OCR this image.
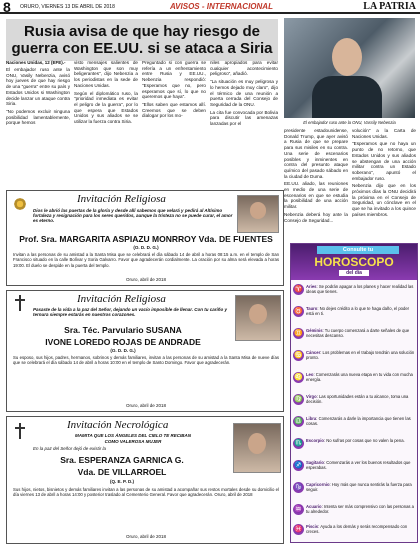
8 ORURO, VIERNES 13 DE ABRIL DE 2018	AVISOS - INTERNACIONAL	LA PATRIA
Rusia avisa de que hay riesgo de guerra con EE.UU. si se ataca a Siria
Naciones Unidas, 12 (EFE).-

El embajador ruso ante la ONU, Vasily Nebenzia, avisó hoy jueves de que hay riesgo de una "guerra" entre su país y Estados Unidos si Washington decide lanzar un ataque contra Siria.

"No podemos excluir ninguna posibilidad lamentablemente, porque hemos

visto mensajes salientes de Washington que son muy beligerantes", dijo Nebenzia a los periodistas en la sede de Naciones Unidas.

Según el diplomático ruso, la "prioridad inmediata es evitar el peligro de la guerra", por lo que espera que Estados Unidos y sus aliados se se utilizar la fuerza contra Siria.

Preguntado si con guerra se refería a un enfrentamiento entre Rusia y EE.UU., Nebenzia respondió: "Esperamos que no, pero esperamos que sí, lo que no queremos que haya".

"Ellos saben que estamos allí. Creemos que se deben dialogar por los mo-

niles apropiados para evitar cualquier acontecimiento peligroso", añadió.

"La situación es muy peligrosa y lo hemos dejado muy claro", dijo el térmico de una reunión a puerta cerrada del Consejo de Seguridad de la ONU.

La cita fue convocada por Bolivia para discutir las amenazas lanzadas por el	El embajador ruso ante la ONU, Vassily Nebenzia

presidente estadounidense, Donald Trump, que ayer avisó a Rusia de que se prepare para sus misiles en su contra. Una serie de escenarios posibles y inminentes en contra del presunto ataque químico del pasado sábado en la ciudad de Duma.

EE.UU. aliado, las reuniones en medio de una serie de escenarios en que se estudia la posibilidad de una acción militar.

Nebenzia deberá hoy ante la Consejo de Seguridad...

volución" a la Carta de Naciones Unidas.

"Esperamos que no haya un punto de no retorno, que Estados Unidos y sus aliados se abstengan de una acción militar contra un Estado soberano", apuntó el embajador ruso.

Nebenzia dijo que en los próximos días la ONU decidirá la próxima en el Consejo de Seguridad, un cónclave en el que se ha invitado a los quince países miembros.

Invitación Religiosa
Dios le abrió las puertas de la gloria y desde allí sabemos que velará y pedirá al Altísimo fortaleza y resignación para los seres queridos, aunque la tristeza no se puede curar, el amor es eterno.
Prof. Sra. MARGARITA ASPIAZU MONRROY Vda. DE FUENTES
(O. D. D. G.)
Invitan a las personas de su amistad a la Santa Misa que se celebrará el día sábado 14 de abril a horas 08:15 a.m. en el templo de San Francisco situado en la calle Bolívar y Soria Galvarro. Favor que agradecerán cordialmente. La oración por su alma será elevada a horas 19:00. El duelo se despide en la puerta del templo.
Oruro, abril de 2018
Invitación Religiosa
Pasaste de la vida a la paz del Señor, dejando un vacío imposible de llenar. Con tu cariño y ternura siempre estarás en nuestros corazones.
Sra. Téc. Parvulario SUSANA
IVONE LOREDO ROJAS DE ANDRADE
(O. D. D. G.)
Su esposo, sus hijos, padres, hermanos, sobrinos y demás familiares, invitan a las personas de su amistad a la Santa Misa de nueve días que se celebrará el día sábado 14 de abril a horas 10:00 en el templo de Santo Domingo. Favor que agradecerán.
Oruro, abril de 2018
Invitación Necrológica
MAMITA QUE LOS ÁNGELES DEL CIELO TE RECIBAN
COMO VALEROSA MUJER
En la paz del Señor dejó de existir la
Sra. ESPERANZA GARNICA G.
Vda. DE VILLARROEL
(Q. E. P. D.)
Sus hijos, nietos, bisnietos y demás familiares invitan a las personas de su amistad a acompañar sus restos mortales desde su domicilio el día viernes 13 de abril a horas 14:00 y posterior traslado al Cementerio General. Favor que agradecerán. Oruro, abril de 2018
Oruro, abril de 2018
Consulte tu
HOROSCOPO
del día
♈ Aries: Se podrán apagar a los planes y hacer realidad las ideas que tienes.
♉ Tauro: No dejes crédito a lo que te haga daño, el poder está en ti.
♊ Géminis: Tu cuerpo comenzará a darte señales de que necesitas descanso.
♋ Cáncer: Los problemas en el trabajo tendrán una solución pronto.
♌ Leo: Comenzarás una nueva etapa en tu vida con mucha energía.
♍ Virgo: Las oportunidades están a tu alcance, toma una decisión.
♎ Libra: Comenzarás a darle la importancia que tienen las cosas.
♏ Escorpio: No sufras por cosas que no valen la pena.
♐ Sagitario: Comenzarás a ver los buenos resultados que esperabas.
♑ Capricornio: Hoy más que nunca sentirás la fuerza para seguir.
♒ Acuario: Intenta ser más comprensivo con las personas a tu alrededor.
♓ Piscis: Ayuda a los demás y serás recompensado con creces.
